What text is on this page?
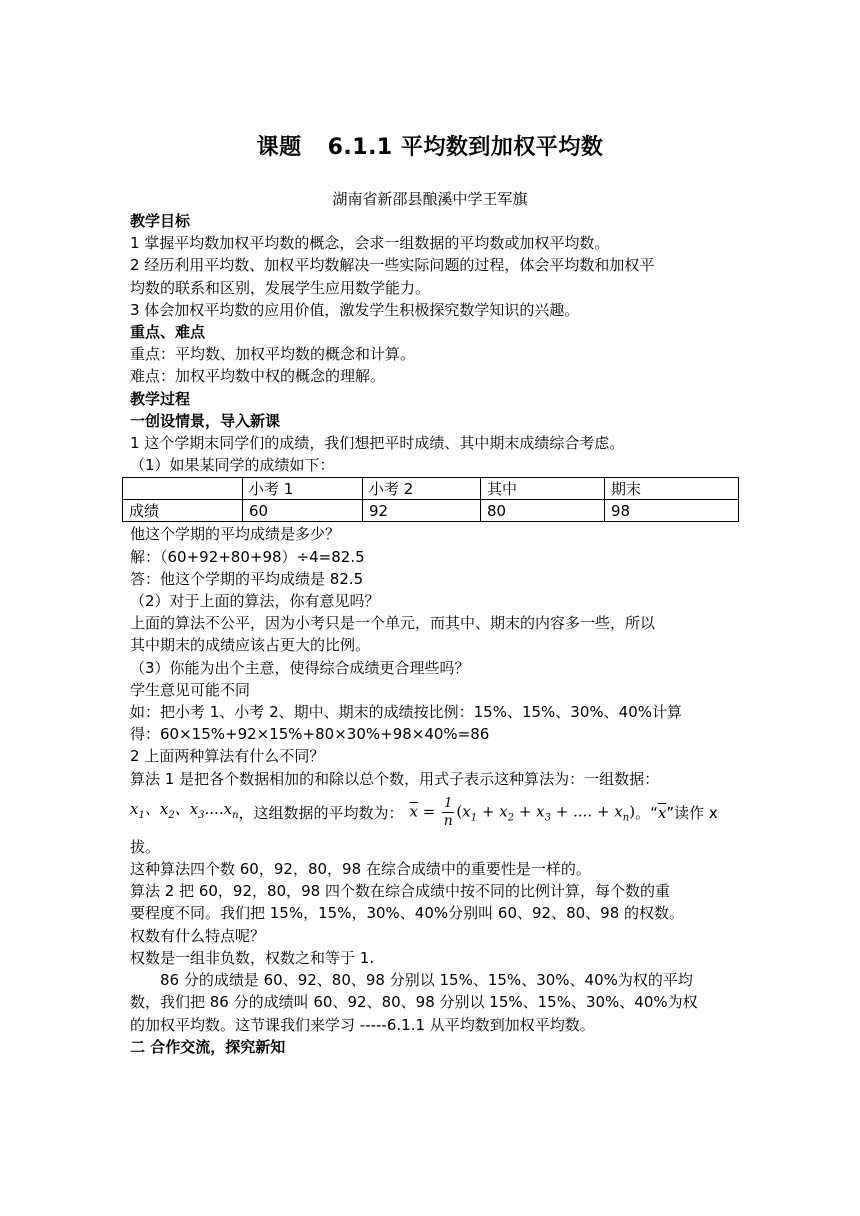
课题 6.1.1 平均数到加权平均数
湖南省新邵县酿溪中学王军旗

教学目标

1 掌握平均数加权平均数的概念，会求一组数据的平均数或加权平均数。

2 经历利用平均数、加权平均数解决一些实际问题的过程，体会平均数和加权平

均数的联系和区别，发展学生应用数学能力。

3 体会加权平均数的应用价值，激发学生积极探究数学知识的兴趣。

重点、难点

重点：平均数、加权平均数的概念和计算。

难点：加权平均数中权的概念的理解。

教学过程

一创设情景，导入新课

1 这个学期末同学们的成绩，我们想把平时成绩、其中期末成绩综合考虑。

（1）如果某同学的成绩如下：

	小考 1	小考 2	其中	期末
成绩	60	92	80	98

他这个学期的平均成绩是多少？

解：（60+92+80+98）÷4=82.5

答：他这个学期的平均成绩是 82.5

（2）对于上面的算法，你有意见吗？

上面的算法不公平，因为小考只是一个单元，而其中、期末的内容多一些，所以

其中期末的成绩应该占更大的比例。

（3）你能为出个主意，使得综合成绩更合理些吗？

学生意见可能不同

如：把小考 1、小考 2、期中、期末的成绩按比例：15%、15%、30%、40%计算

得：60×15%+92×15%+80×30%+98×40%=86

2 上面两种算法有什么不同？

算法 1 是把各个数据相加的和除以总个数，用式子表示这种算法为：一组数据：

$x_1$、$x_2$、$x_3....x_n$ ，这组数据的平均数为： $\overline{x} = \frac{1}{n} (x_1 + x_2 + x_3$ + .... + $x_n$) 。“ $\overline{x}$ ”读作 x

拔。

这种算法四个数 60，92，80，98 在综合成绩中的重要性是一样的。

算法 2 把 60，92，80，98 四个数在综合成绩中按不同的比例计算，每个数的重

要程度不同。我们把 15%，15%，30%、40%分别叫 60、92、80、98 的权数。

权数有什么特点呢？

权数是一组非负数，权数之和等于 1.

86 分的成绩是 60、92、80、98 分别以 15%、15%、30%、40%为权的平均

数，我们把 86 分的成绩叫 60、92、80、98 分别以 15%、15%、30%、40%为权

的加权平均数。这节课我们来学习 -----6.1.1 从平均数到加权平均数。

二 合作交流，探究新知
